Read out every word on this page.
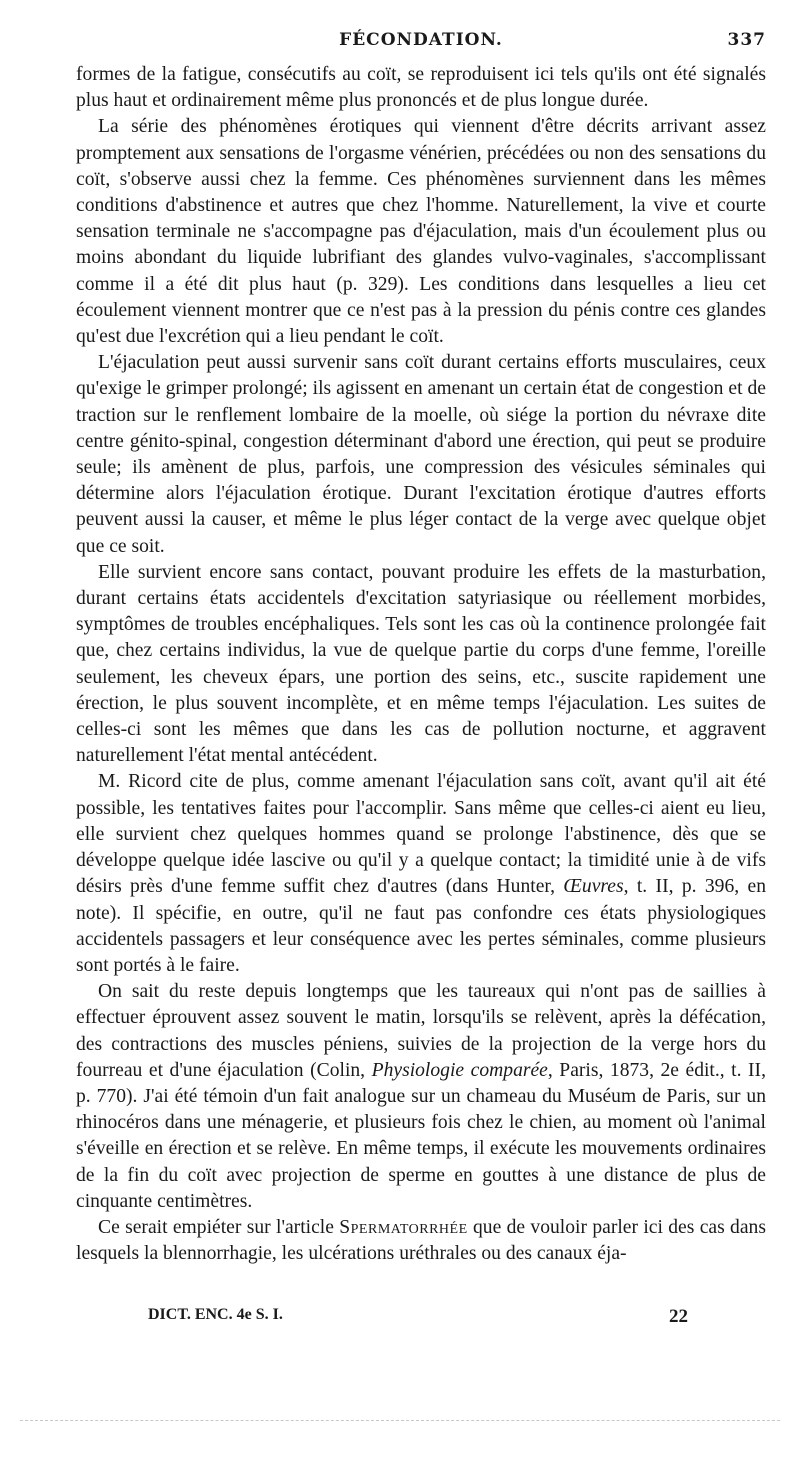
FÉCONDATION.	337

formes de la fatigue, consécutifs au coït, se reproduisent ici tels qu'ils ont été signalés plus haut et ordinairement même plus prononcés et de plus longue durée.

La série des phénomènes érotiques qui viennent d'être décrits arrivant assez promptement aux sensations de l'orgasme vénérien, précédées ou non des sensations du coït, s'observe aussi chez la femme. Ces phénomènes surviennent dans les mêmes conditions d'abstinence et autres que chez l'homme. Naturellement, la vive et courte sensation terminale ne s'accompagne pas d'éjaculation, mais d'un écoulement plus ou moins abondant du liquide lubrifiant des glandes vulvo-vaginales, s'accomplissant comme il a été dit plus haut (p. 329). Les conditions dans lesquelles a lieu cet écoulement viennent montrer que ce n'est pas à la pression du pénis contre ces glandes qu'est due l'excrétion qui a lieu pendant le coït.

L'éjaculation peut aussi survenir sans coït durant certains efforts musculaires, ceux qu'exige le grimper prolongé; ils agissent en amenant un certain état de congestion et de traction sur le renflement lombaire de la moelle, où siége la portion du névraxe dite centre génito-spinal, congestion déterminant d'abord une érection, qui peut se produire seule; ils amènent de plus, parfois, une compression des vésicules séminales qui détermine alors l'éjaculation érotique. Durant l'excitation érotique d'autres efforts peuvent aussi la causer, et même le plus léger contact de la verge avec quelque objet que ce soit.

Elle survient encore sans contact, pouvant produire les effets de la masturbation, durant certains états accidentels d'excitation satyriasique ou réellement morbides, symptômes de troubles encéphaliques. Tels sont les cas où la continence prolongée fait que, chez certains individus, la vue de quelque partie du corps d'une femme, l'oreille seulement, les cheveux épars, une portion des seins, etc., suscite rapidement une érection, le plus souvent incomplète, et en même temps l'éjaculation. Les suites de celles-ci sont les mêmes que dans les cas de pollution nocturne, et aggravent naturellement l'état mental antécédent.

M. Ricord cite de plus, comme amenant l'éjaculation sans coït, avant qu'il ait été possible, les tentatives faites pour l'accomplir. Sans même que celles-ci aient eu lieu, elle survient chez quelques hommes quand se prolonge l'abstinence, dès que se développe quelque idée lascive ou qu'il y a quelque contact; la timidité unie à de vifs désirs près d'une femme suffit chez d'autres (dans Hunter, Œuvres, t. II, p. 396, en note). Il spécifie, en outre, qu'il ne faut pas confondre ces états physiologiques accidentels passagers et leur conséquence avec les pertes séminales, comme plusieurs sont portés à le faire.

On sait du reste depuis longtemps que les taureaux qui n'ont pas de saillies à effectuer éprouvent assez souvent le matin, lorsqu'ils se relèvent, après la défécation, des contractions des muscles péniens, suivies de la projection de la verge hors du fourreau et d'une éjaculation (Colin, Physiologie comparée, Paris, 1873, 2e édit., t. II, p. 770). J'ai été témoin d'un fait analogue sur un chameau du Muséum de Paris, sur un rhinocéros dans une ménagerie, et plusieurs fois chez le chien, au moment où l'animal s'éveille en érection et se relève. En même temps, il exécute les mouvements ordinaires de la fin du coït avec projection de sperme en gouttes à une distance de plus de cinquante centimètres.

Ce serait empiéter sur l'article Spermatorrhée que de vouloir parler ici des cas dans lesquels la blennorrhagie, les ulcérations uréthrales ou des canaux éja-

DICT. ENC. 4e S. I.	22
